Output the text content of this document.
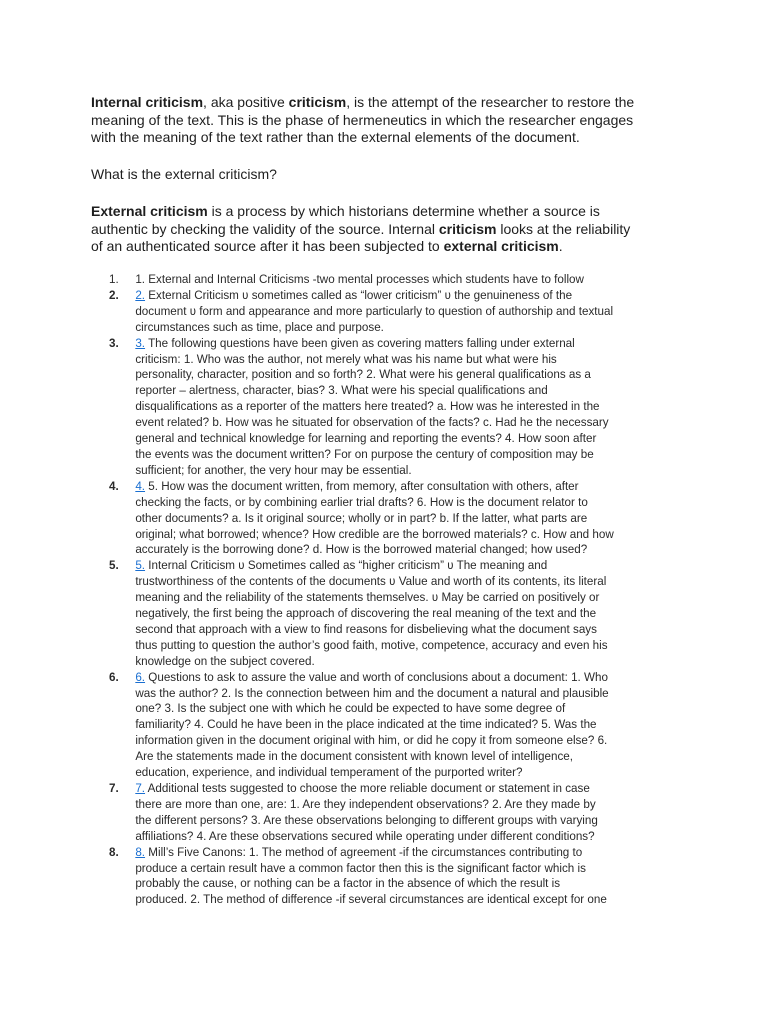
Internal criticism, aka positive criticism, is the attempt of the researcher to restore the
meaning of the text. This is the phase of hermeneutics in which the researcher engages
with the meaning of the text rather than the external elements of the document.

What is the external criticism?

External criticism is a process by which historians determine whether a source is
authentic by checking the validity of the source. Internal criticism looks at the reliability
of an authenticated source after it has been subjected to external criticism.

1.	1. External and Internal Criticisms -two mental processes which students have to follow
2.	2. External Criticism ʋ sometimes called as “lower criticism” ʋ the genuineness of the
document ʋ form and appearance and more particularly to question of authorship and textual
circumstances such as time, place and purpose.
3.	3. The following questions have been given as covering matters falling under external
criticism: 1. Who was the author, not merely what was his name but what were his
personality, character, position and so forth? 2. What were his general qualifications as a
reporter – alertness, character, bias? 3. What were his special qualifications and
disqualifications as a reporter of the matters here treated? a. How was he interested in the
event related? b. How was he situated for observation of the facts? c. Had he the necessary
general and technical knowledge for learning and reporting the events? 4. How soon after
the events was the document written? For on purpose the century of composition may be
sufficient; for another, the very hour may be essential.
4.	4. 5. How was the document written, from memory, after consultation with others, after
checking the facts, or by combining earlier trial drafts? 6. How is the document relator to
other documents? a. Is it original source; wholly or in part? b. If the latter, what parts are
original; what borrowed; whence? How credible are the borrowed materials? c. How and how
accurately is the borrowing done? d. How is the borrowed material changed; how used?
5.	5. Internal Criticism ʋ Sometimes called as “higher criticism” ʋ The meaning and
trustworthiness of the contents of the documents ʋ Value and worth of its contents, its literal
meaning and the reliability of the statements themselves. ʋ May be carried on positively or
negatively, the first being the approach of discovering the real meaning of the text and the
second that approach with a view to find reasons for disbelieving what the document says
thus putting to question the author’s good faith, motive, competence, accuracy and even his
knowledge on the subject covered.
6.	6. Questions to ask to assure the value and worth of conclusions about a document: 1. Who
was the author? 2. Is the connection between him and the document a natural and plausible
one? 3. Is the subject one with which he could be expected to have some degree of
familiarity? 4. Could he have been in the place indicated at the time indicated? 5. Was the
information given in the document original with him, or did he copy it from someone else? 6.
Are the statements made in the document consistent with known level of intelligence,
education, experience, and individual temperament of the purported writer?
7.	7. Additional tests suggested to choose the more reliable document or statement in case
there are more than one, are: 1. Are they independent observations? 2. Are they made by
the different persons? 3. Are these observations belonging to different groups with varying
affiliations? 4. Are these observations secured while operating under different conditions?
8.	8. Mill’s Five Canons: 1. The method of agreement -if the circumstances contributing to
produce a certain result have a common factor then this is the significant factor which is
probably the cause, or nothing can be a factor in the absence of which the result is
produced. 2. The method of difference -if several circumstances are identical except for one
